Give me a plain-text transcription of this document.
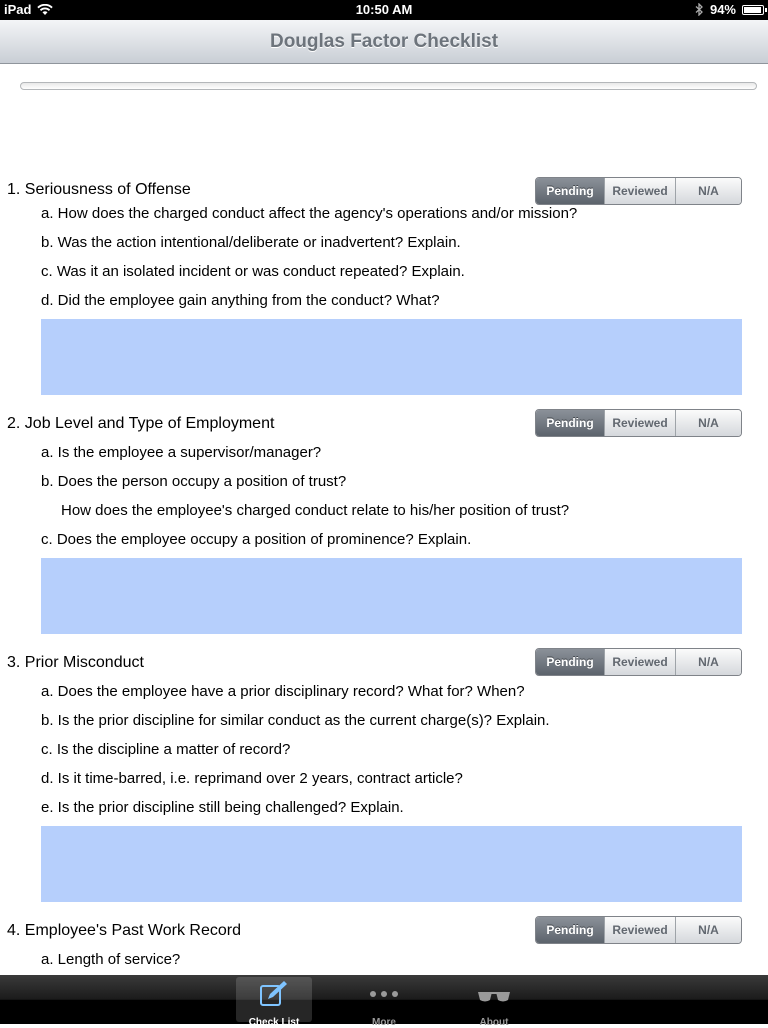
iPad	10:50 AM	94%
Douglas Factor Checklist
1. Seriousness of Offense	Pending	Reviewed	N/A
a. How does the charged conduct affect the agency's operations and/or mission?
b. Was the action intentional/deliberate or inadvertent? Explain.
c. Was it an isolated incident or was conduct repeated? Explain.
d. Did the employee gain anything from the conduct? What?
2. Job Level and Type of Employment	Pending	Reviewed	N/A
a. Is the employee a supervisor/manager?
b. Does the person occupy a position of trust?
How does the employee's charged conduct relate to his/her position of trust?
c. Does the employee occupy a position of prominence? Explain.
3. Prior Misconduct	Pending	Reviewed	N/A
a. Does the employee have a prior disciplinary record? What for? When?
b. Is the prior discipline for similar conduct as the current charge(s)? Explain.
c. Is the discipline a matter of record?
d. Is it time-barred, i.e. reprimand over 2 years, contract article?
e. Is the prior discipline still being challenged? Explain.
4. Employee's Past Work Record	Pending	Reviewed	N/A
a. Length of service?
Check List	More	About
